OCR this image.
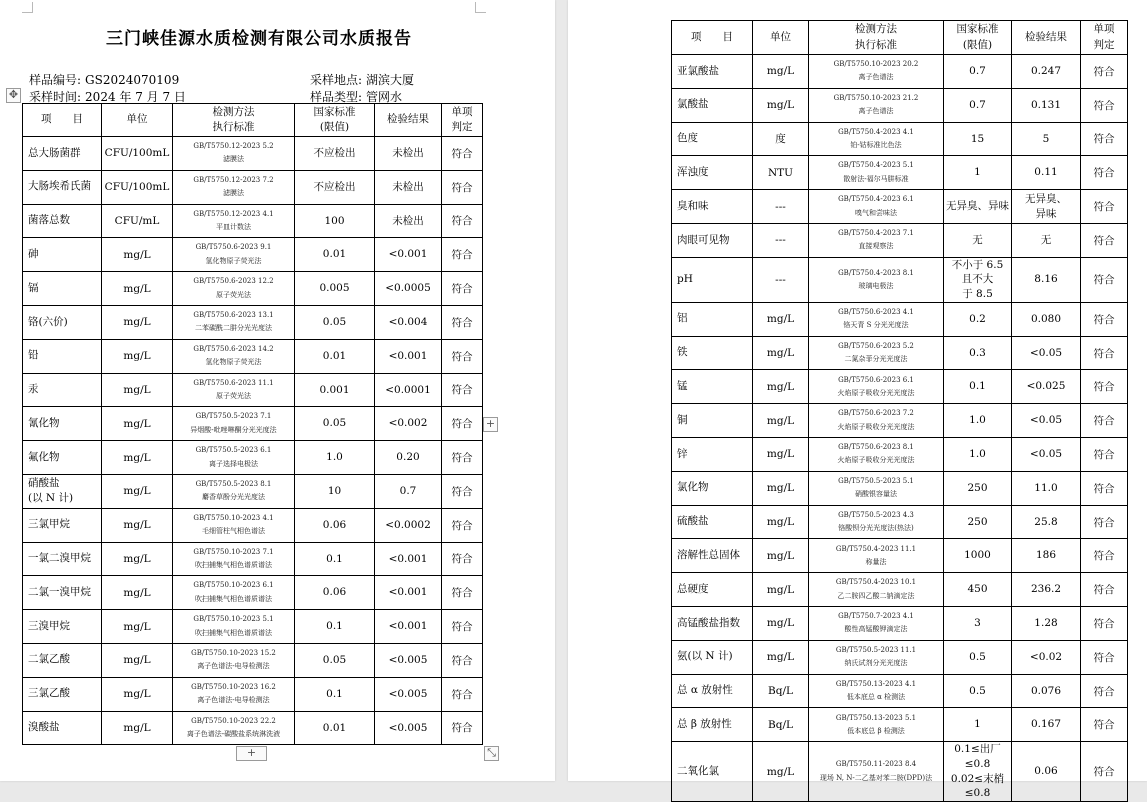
三门峡佳源水质检测有限公司水质报告
样品编号: GS2024070109	采样地点: 湖滨大厦
采样时间: 2024 年 7 月 7 日	样品类型: 管网水
✥
项　　目	单位	检测方法
执行标准	国家标准
(限值)	检验结果	单项
判定
总大肠菌群	CFU/100mL	GB/T5750.12-2023 5.2
滤膜法	不应检出	未检出	符合
大肠埃希氏菌	CFU/100mL	GB/T5750.12-2023 7.2
滤膜法	不应检出	未检出	符合
菌落总数	CFU/mL	GB/T5750.12-2023 4.1
平皿计数法	100	未检出	符合
砷	mg/L	GB/T5750.6-2023 9.1
氢化物原子荧光法	0.01	<0.001	符合
镉	mg/L	GB/T5750.6-2023 12.2
原子荧光法	0.005	<0.0005	符合
铬(六价)	mg/L	GB/T5750.6-2023 13.1
二苯碳酰二肼分光光度法	0.05	<0.004	符合
铅	mg/L	GB/T5750.6-2023 14.2
氢化物原子荧光法	0.01	<0.001	符合
汞	mg/L	GB/T5750.6-2023 11.1
原子荧光法	0.001	<0.0001	符合
氰化物	mg/L	GB/T5750.5-2023 7.1
异烟酸-吡唑啉酮分光光度法	0.05	<0.002	符合
氟化物	mg/L	GB/T5750.5-2023 6.1
离子选择电极法	1.0	0.20	符合
硝酸盐
(以 N 计)	mg/L	GB/T5750.5-2023 8.1
麝香草酚分光光度法	10	0.7	符合
三氯甲烷	mg/L	GB/T5750.10-2023 4.1
毛细管柱气相色谱法	0.06	<0.0002	符合
一氯二溴甲烷	mg/L	GB/T5750.10-2023 7.1
吹扫捕集气相色谱质谱法	0.1	<0.001	符合
二氯一溴甲烷	mg/L	GB/T5750.10-2023 6.1
吹扫捕集气相色谱质谱法	0.06	<0.001	符合
三溴甲烷	mg/L	GB/T5750.10-2023 5.1
吹扫捕集气相色谱质谱法	0.1	<0.001	符合
二氯乙酸	mg/L	GB/T5750.10-2023 15.2
离子色谱法-电导检测法	0.05	<0.005	符合
三氯乙酸	mg/L	GB/T5750.10-2023 16.2
离子色谱法-电导检测法	0.1	<0.005	符合
溴酸盐	mg/L	GB/T5750.10-2023 22.2
离子色谱法-碳酸盐系统淋洗液	0.01	<0.005	符合
+
+	⤡
项　　目	单位	检测方法
执行标准	国家标准
(限值)	检验结果	单项
判定
亚氯酸盐	mg/L	GB/T5750.10-2023 20.2
离子色谱法	0.7	0.247	符合
氯酸盐	mg/L	GB/T5750.10-2023 21.2
离子色谱法	0.7	0.131	符合
色度	度	GB/T5750.4-2023 4.1
铂-钴标准比色法	15	5	符合
浑浊度	NTU	GB/T5750.4-2023 5.1
散射法-福尔马肼标准	1	0.11	符合
臭和味	---	GB/T5750.4-2023 6.1
嗅气和尝味法	无异臭、异味	无异臭、
异味	符合
肉眼可见物	---	GB/T5750.4-2023 7.1
直接观察法	无	无	符合
pH	---	GB/T5750.4-2023 8.1
玻璃电极法	不小于 6.5 且不大
于 8.5	8.16	符合
铝	mg/L	GB/T5750.6-2023 4.1
铬天青 S 分光光度法	0.2	0.080	符合
铁	mg/L	GB/T5750.6-2023 5.2
二氮杂菲分光光度法	0.3	<0.05	符合
锰	mg/L	GB/T5750.6-2023 6.1
火焰原子吸收分光光度法	0.1	<0.025	符合
铜	mg/L	GB/T5750.6-2023 7.2
火焰原子吸收分光光度法	1.0	<0.05	符合
锌	mg/L	GB/T5750.6-2023 8.1
火焰原子吸收分光光度法	1.0	<0.05	符合
氯化物	mg/L	GB/T5750.5-2023 5.1
硝酸银容量法	250	11.0	符合
硫酸盐	mg/L	GB/T5750.5-2023 4.3
铬酸钡分光光度法(热法)	250	25.8	符合
溶解性总固体	mg/L	GB/T5750.4-2023 11.1
称量法	1000	186	符合
总硬度	mg/L	GB/T5750.4-2023 10.1
乙二胺四乙酸二钠滴定法	450	236.2	符合
高锰酸盐指数	mg/L	GB/T5750.7-2023 4.1
酸性高锰酸钾滴定法	3	1.28	符合
氨(以 N 计)	mg/L	GB/T5750.5-2023 11.1
纳氏试剂分光光度法	0.5	<0.02	符合
总 α 放射性	Bq/L	GB/T5750.13-2023 4.1
低本底总 α 检测法	0.5	0.076	符合
总 β 放射性	Bq/L	GB/T5750.13-2023 5.1
低本底总 β 检测法	1	0.167	符合
二氧化氯	mg/L	GB/T5750.11-2023 8.4
现场 N, N-二乙基对苯二胺(DPD)法	0.1≤出厂≤0.8
0.02≤末梢≤0.8	0.06	符合
